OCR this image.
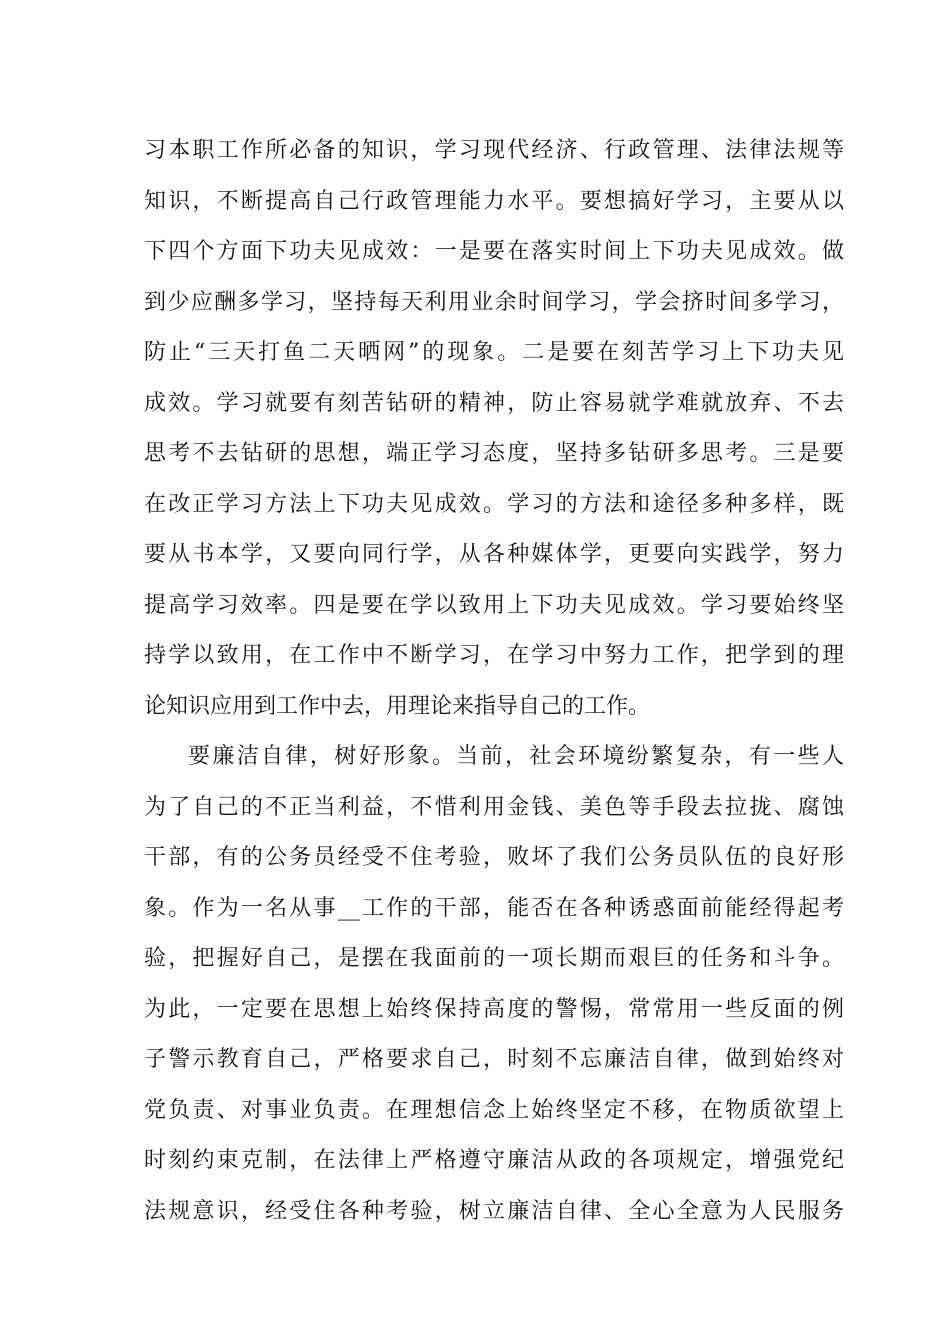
习本职工作所必备的知识，学习现代经济、行政管理、法律法规等
知识，不断提高自己行政管理能力水平。要想搞好学习，主要从以
下四个方面下功夫见成效：一是要在落实时间上下功夫见成效。做
到少应酬多学习，坚持每天利用业余时间学习，学会挤时间多学习，
防止“三天打鱼二天晒网”的现象。二是要在刻苦学习上下功夫见
成效。学习就要有刻苦钻研的精神，防止容易就学难就放弃、不去
思考不去钻研的思想，端正学习态度，坚持多钻研多思考。三是要
在改正学习方法上下功夫见成效。学习的方法和途径多种多样，既
要从书本学，又要向同行学，从各种媒体学，更要向实践学，努力
提高学习效率。四是要在学以致用上下功夫见成效。学习要始终坚
持学以致用，在工作中不断学习，在学习中努力工作，把学到的理
论知识应用到工作中去，用理论来指导自己的工作。
要廉洁自律，树好形象。当前，社会环境纷繁复杂，有一些人
为了自己的不正当利益，不惜利用金钱、美色等手段去拉拢、腐蚀
干部，有的公务员经受不住考验，败坏了我们公务员队伍的良好形
象。作为一名从事__工作的干部，能否在各种诱惑面前能经得起考
验，把握好自己，是摆在我面前的一项长期而艰巨的任务和斗争。
为此，一定要在思想上始终保持高度的警惕，常常用一些反面的例
子警示教育自己，严格要求自己，时刻不忘廉洁自律，做到始终对
党负责、对事业负责。在理想信念上始终坚定不移，在物质欲望上
时刻约束克制，在法律上严格遵守廉洁从政的各项规定，增强党纪
法规意识，经受住各种考验，树立廉洁自律、全心全意为人民服务
